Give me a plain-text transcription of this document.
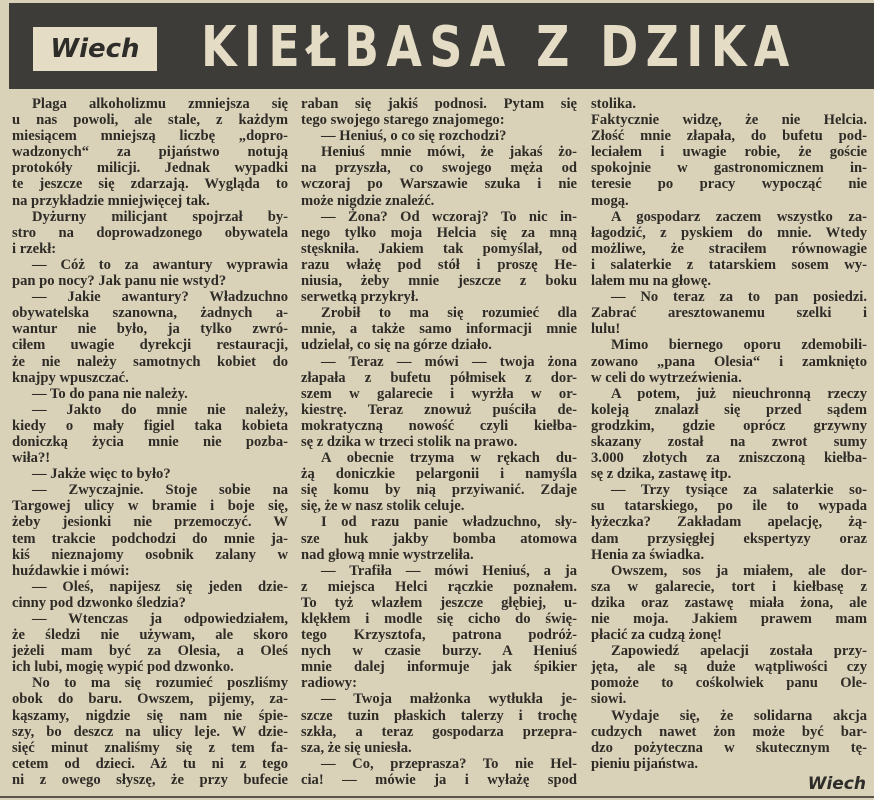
Wiech	KIEŁBASA Z DZIKA
Plaga alkoholizmu zmniejsza się
u nas powoli, ale stale, z każdym
miesiącem mniejszą liczbę „dopro-
wadzonych“ za pijaństwo notują
protokóły milicji. Jednak wypadki
te jeszcze się zdarzają. Wygląda to
na przykładzie mniejwięcej tak.
Dyżurny milicjant spojrzał by-
stro na doprowadzonego obywatela
i rzekł:
— Cóż to za awantury wyprawia
pan po nocy? Jak panu nie wstyd?
— Jakie awantury? Władzuchno
obywatelska szanowna, żadnych a-
wantur nie było, ja tylko zwró-
ciłem uwagie dyrekcji restauracji,
że nie należy samotnych kobiet do
knajpy wpuszczać.
— To do pana nie należy.
— Jakto do mnie nie należy,
kiedy o mały figiel taka kobieta
doniczką życia mnie nie pozba-
wiła?!
— Jakże więc to było?
— Zwyczajnie. Stoje sobie na
Targowej ulicy w bramie i boje się,
żeby jesionki nie przemoczyć. W
tem trakcie podchodzi do mnie ja-
kiś nieznajomy osobnik zalany w
huźdawkie i mówi:
— Oleś, napijesz się jeden dzie-
cinny pod dzwonko śledzia?
— Wtenczas ja odpowiedziałem,
że śledzi nie używam, ale skoro
jeżeli mam być za Olesia, a Oleś
ich lubi, mogię wypić pod dzwonko.
No to ma się rozumieć poszliśmy
obok do baru. Owszem, pijemy, za-
kąszamy, nigdzie się nam nie śpie-
szy, bo deszcz na ulicy leje. W dzie-
sięć minut znaliśmy się z tem fa-
cetem od dzieci. Aż tu ni z tego
ni z owego słyszę, że przy bufecie
raban się jakiś podnosi. Pytam się
tego swojego starego znajomego:
— Heniuś, o co się rozchodzi?
Heniuś mnie mówi, że jakaś żo-
na przyszła, co swojego męża od
wczoraj po Warszawie szuka i nie
może nigdzie znaleźć.
— Żona? Od wczoraj? To nic in-
nego tylko moja Helcia się za mną
stęskniła. Jakiem tak pomyślał, od
razu włażę pod stół i proszę He-
niusia, żeby mnie jeszcze z boku
serwetką przykrył.
Zrobił to ma się rozumieć dla
mnie, a także samo informacji mnie
udzielał, co się na górze działo.
— Teraz — mówi — twoja żona
złapała z bufetu półmisek z dor-
szem w galarecie i wyrżła w or-
kiestrę. Teraz znowuż puściła de-
mokratyczną nowość czyli kiełba-
sę z dzika w trzeci stolik na prawo.
A obecnie trzyma w rękach du-
żą doniczkie pelargonii i namyśla
się komu by nią przyiwanić. Zdaje
się, że w nasz stolik celuje.
I od razu panie władzuchno, sły-
sze huk jakby bomba atomowa
nad głową mnie wystrzeliła.
— Trafiła — mówi Heniuś, a ja
z miejsca Helci rączkie poznałem.
To tyż wlazłem jeszcze głębiej, u-
klękłem i modle się cicho do świę-
tego Krzysztofa, patrona podróż-
nych w czasie burzy. A Heniuś
mnie dalej informuje jak śpikier
radiowy:
— Twoja małżonka wytłukła je-
szcze tuzin płaskich talerzy i trochę
szkła, a teraz gospodarza przepra-
sza, że się uniesła.
— Co, przeprasza? To nie Hel-
cia! — mówie ja i wyłażę spod
stolika.
Faktycznie widzę, że nie Helcia.
Złość mnie złapała, do bufetu pod-
leciałem i uwagie robie, że goście
spokojnie w gastronomicznem in-
teresie po pracy wypocząć nie
mogą.
A gospodarz zaczem wszystko za-
łagodzić, z pyskiem do mnie. Wtedy
możliwe, że straciłem równowagie
i salaterkie z tatarskiem sosem wy-
lałem mu na głowę.
— No teraz za to pan posiedzi.
Zabrać aresztowanemu szelki i
lulu!
Mimo biernego oporu zdemobili-
zowano „pana Olesia“ i zamknięto
w celi do wytrzeźwienia.
A potem, już nieuchronną rzeczy
koleją znalazł się przed sądem
grodzkim, gdzie oprócz grzywny
skazany został na zwrot sumy
3.000 złotych za zniszczoną kiełba-
sę z dzika, zastawę itp.
— Trzy tysiące za salaterkie so-
su tatarskiego, po ile to wypada
łyżeczka? Zakładam apelację, żą-
dam przysięgłej ekspertyzy oraz
Henia za świadka.
Owszem, sos ja miałem, ale dor-
sza w galarecie, tort i kiełbasę z
dzika oraz zastawę miała żona, ale
nie moja. Jakiem prawem mam
płacić za cudzą żonę!
Zapowiedź apelacji została przy-
jęta, ale są duże wątpliwości czy
pomoże to cośkolwiek panu Ole-
siowi.
Wydaje się, że solidarna akcja
cudzych nawet żon może być bar-
dzo pożyteczna w skutecznym tę-
pieniu pijaństwa.
Wiech
